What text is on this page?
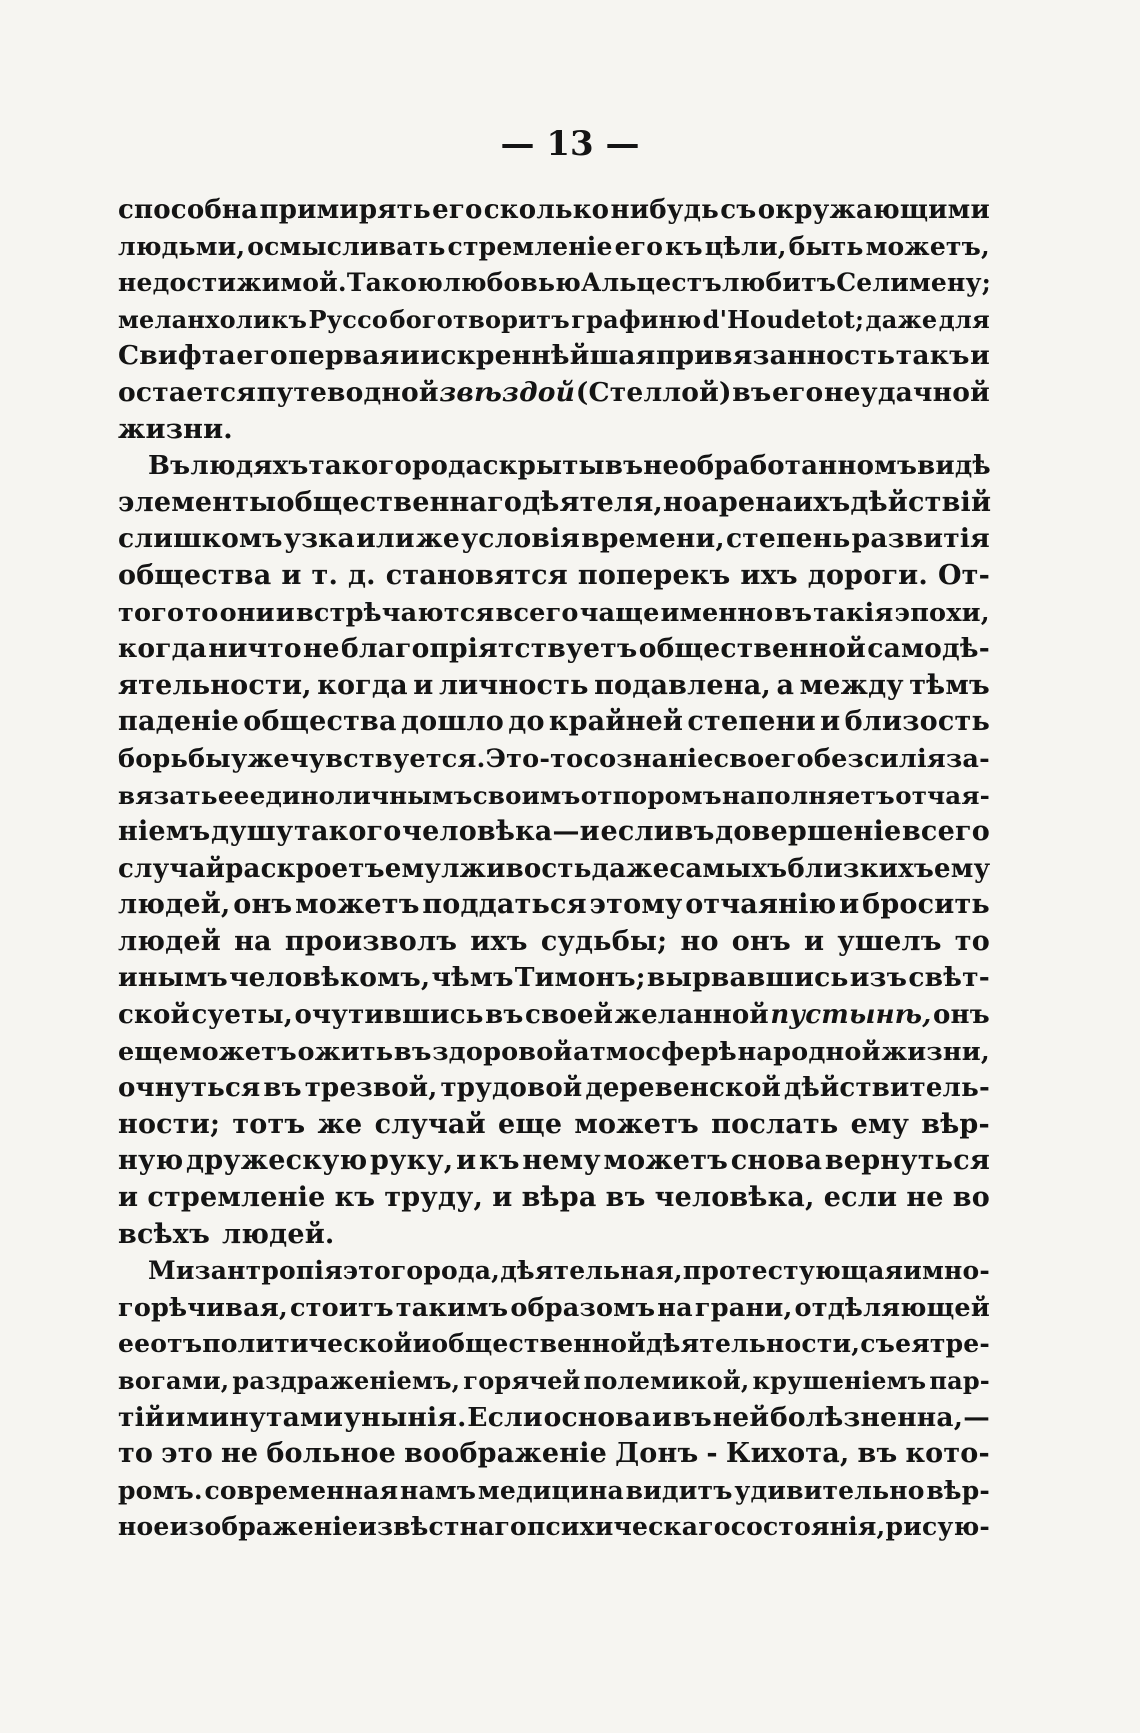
— 13 —
способна примирять его сколько нибудь съ окружающими
людьми, осмысливать стремленіе его къ цѣли, быть можетъ,
недостижимой. Такою любовью Альцестъ любитъ Селимену;
меланхоликъ Руссо боготворитъ графиню d'Houdetot; даже для
Свифта его первая и искреннѣйшая привязанность такъ и
остается путеводной звѣздой (Стеллой) въ его неудачной
жизни.
Въ людяхъ такого рода скрыты въ необработанномъ видѣ
элементы общественнаго дѣятеля, но арена ихъ дѣйствій
слишкомъ узка или же условія времени, степень развитія
общества и т. д. становятся поперекъ ихъ дороги. От-
того то они и встрѣчаются всего чаще именно въ такія эпохи,
когда ничто не благопріятствуетъ общественной самодѣ-
ятельности, когда и личность подавлена, а между тѣмъ
паденіе общества дошло до крайней степени и близость
борьбы уже чувствуется. Это-то сознаніе своего безсилія за-
вязать ее единоличнымъ своимъ отпоромъ наполняетъ отчая-
ніемъ душу такого человѣка—и если въ довершеніе всего
случай раскроетъ ему лживость даже самыхъ близкихъ ему
людей, онъ можетъ поддаться этому отчаянію и бросить
людей на произволъ ихъ судьбы; но онъ и ушелъ то
инымъ человѣкомъ, чѣмъ Тимонъ; вырвавшись изъ свѣт-
ской суеты, очутившись въ своей желанной пустынѣ, онъ
еще можетъ ожить въ здоровой атмосферѣ народной жизни,
очнуться въ трезвой, трудовой деревенской дѣйствитель-
ности; тотъ же случай еще можетъ послать ему вѣр-
ную дружескую руку, и къ нему можетъ снова вернуться
и стремленіе къ труду, и вѣра въ человѣка, если не во
всѣхъ людей.
Мизантропія этого рода, дѣятельная, протестующая и мно-
горѣчивая, стоитъ такимъ образомъ на грани, отдѣляющей
ее отъ политической и общественной дѣятельности, съ ея тре-
вогами, раздраженіемъ, горячей полемикой, крушеніемъ пар-
тій и минутами унынія. Если основа и въ ней болѣзненна,—
то это не больное воображеніе Донъ - Кихота, въ кото-
ромъ. современная намъ медицина видитъ удивительно вѣр-
ное изображеніе извѣстнаго психическаго состоянія, рисую-
